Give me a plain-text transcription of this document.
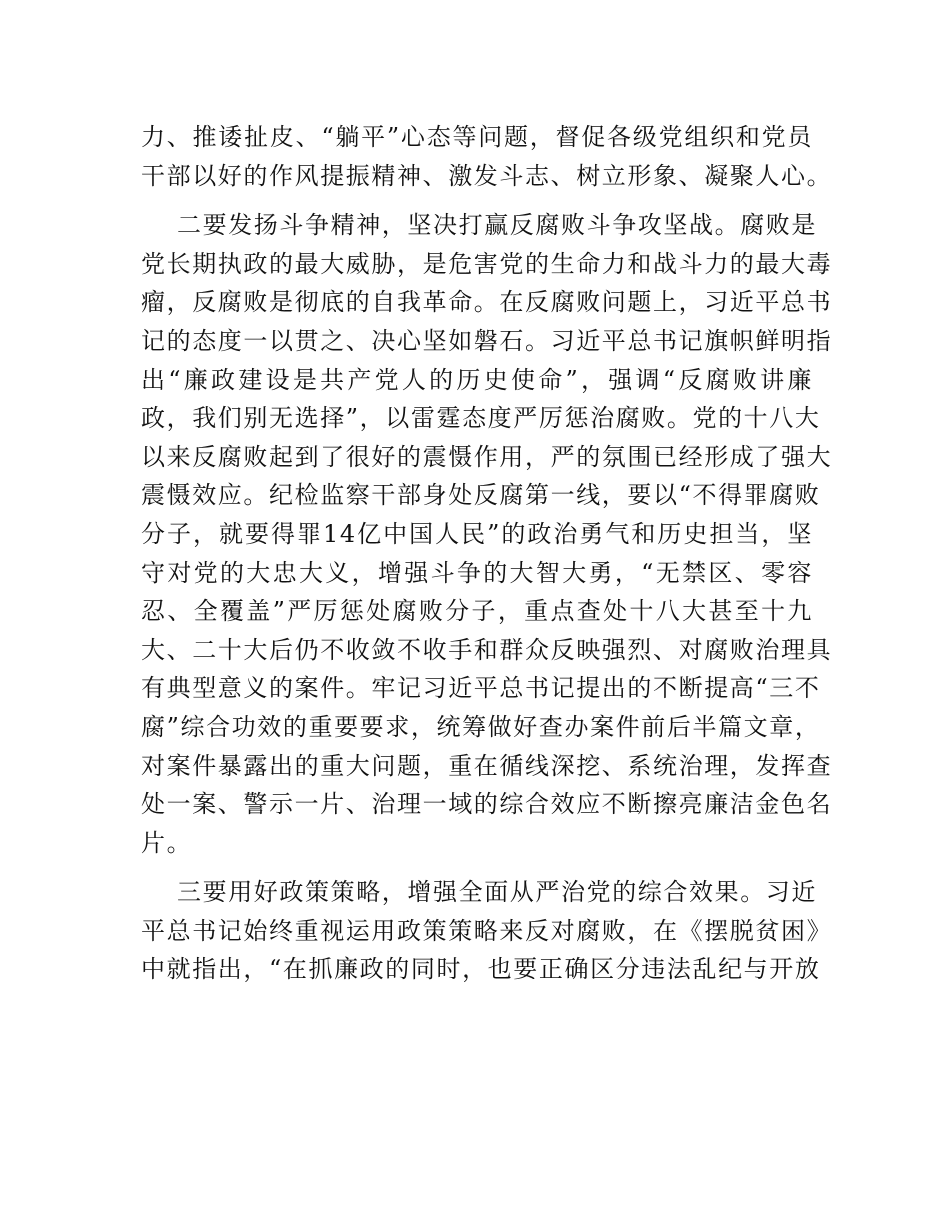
力、推诿扯皮、“躺平”心态等问题，督促各级党组织和党员
干部以好的作风提振精神、激发斗志、树立形象、凝聚人心。

二要发扬斗争精神，坚决打赢反腐败斗争攻坚战。腐败是
党长期执政的最大威胁，是危害党的生命力和战斗力的最大毒
瘤，反腐败是彻底的自我革命。在反腐败问题上，习近平总书
记的态度一以贯之、决心坚如磐石。习近平总书记旗帜鲜明指
出“廉政建设是共产党人的历史使命”，强调“反腐败讲廉
政，我们别无选择”，以雷霆态度严厉惩治腐败。党的十八大
以来反腐败起到了很好的震慑作用，严的氛围已经形成了强大
震慑效应。纪检监察干部身处反腐第一线，要以“不得罪腐败
分子，就要得罪14亿中国人民”的政治勇气和历史担当，坚
守对党的大忠大义，增强斗争的大智大勇，“无禁区、零容
忍、全覆盖”严厉惩处腐败分子，重点查处十八大甚至十九
大、二十大后仍不收敛不收手和群众反映强烈、对腐败治理具
有典型意义的案件。牢记习近平总书记提出的不断提高“三不
腐”综合功效的重要要求，统筹做好查办案件前后半篇文章，
对案件暴露出的重大问题，重在循线深挖、系统治理，发挥查
处一案、警示一片、治理一域的综合效应不断擦亮廉洁金色名
片。

三要用好政策策略，增强全面从严治党的综合效果。习近
平总书记始终重视运用政策策略来反对腐败，在《摆脱贫困》
中就指出，“在抓廉政的同时，也要正确区分违法乱纪与开放
